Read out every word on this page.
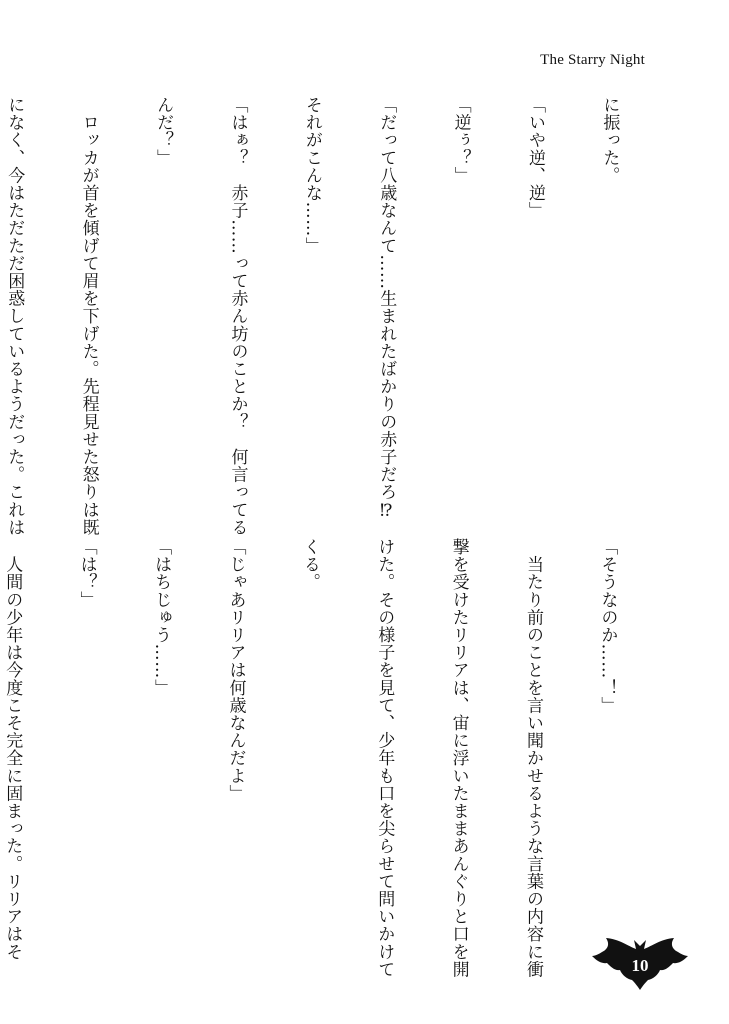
The Starry Night

に振った。

「いや逆、逆」

「逆ぅ？」

「だって八歳なんて……生まれたばかりの赤子だろ⁉

それがこんな……」

「はぁ？　赤子……って赤ん坊のことか？　何言ってる

んだ？」

　ロッカが首を傾げて眉を下げた。先程見せた怒りは既

になく、今はただただ困惑しているようだった。これは

「そうなのか……！」

　当たり前のことを言い聞かせるような言葉の内容に衝

撃を受けたリリアは、宙に浮いたままあんぐりと口を開

けた。その様子を見て、少年も口を尖らせて問いかけて

くる。

「じゃあリリアは何歳なんだよ」

「はちじゅう……」

「は？」

　人間の少年は今度こそ完全に固まった。リリアはそ

10
